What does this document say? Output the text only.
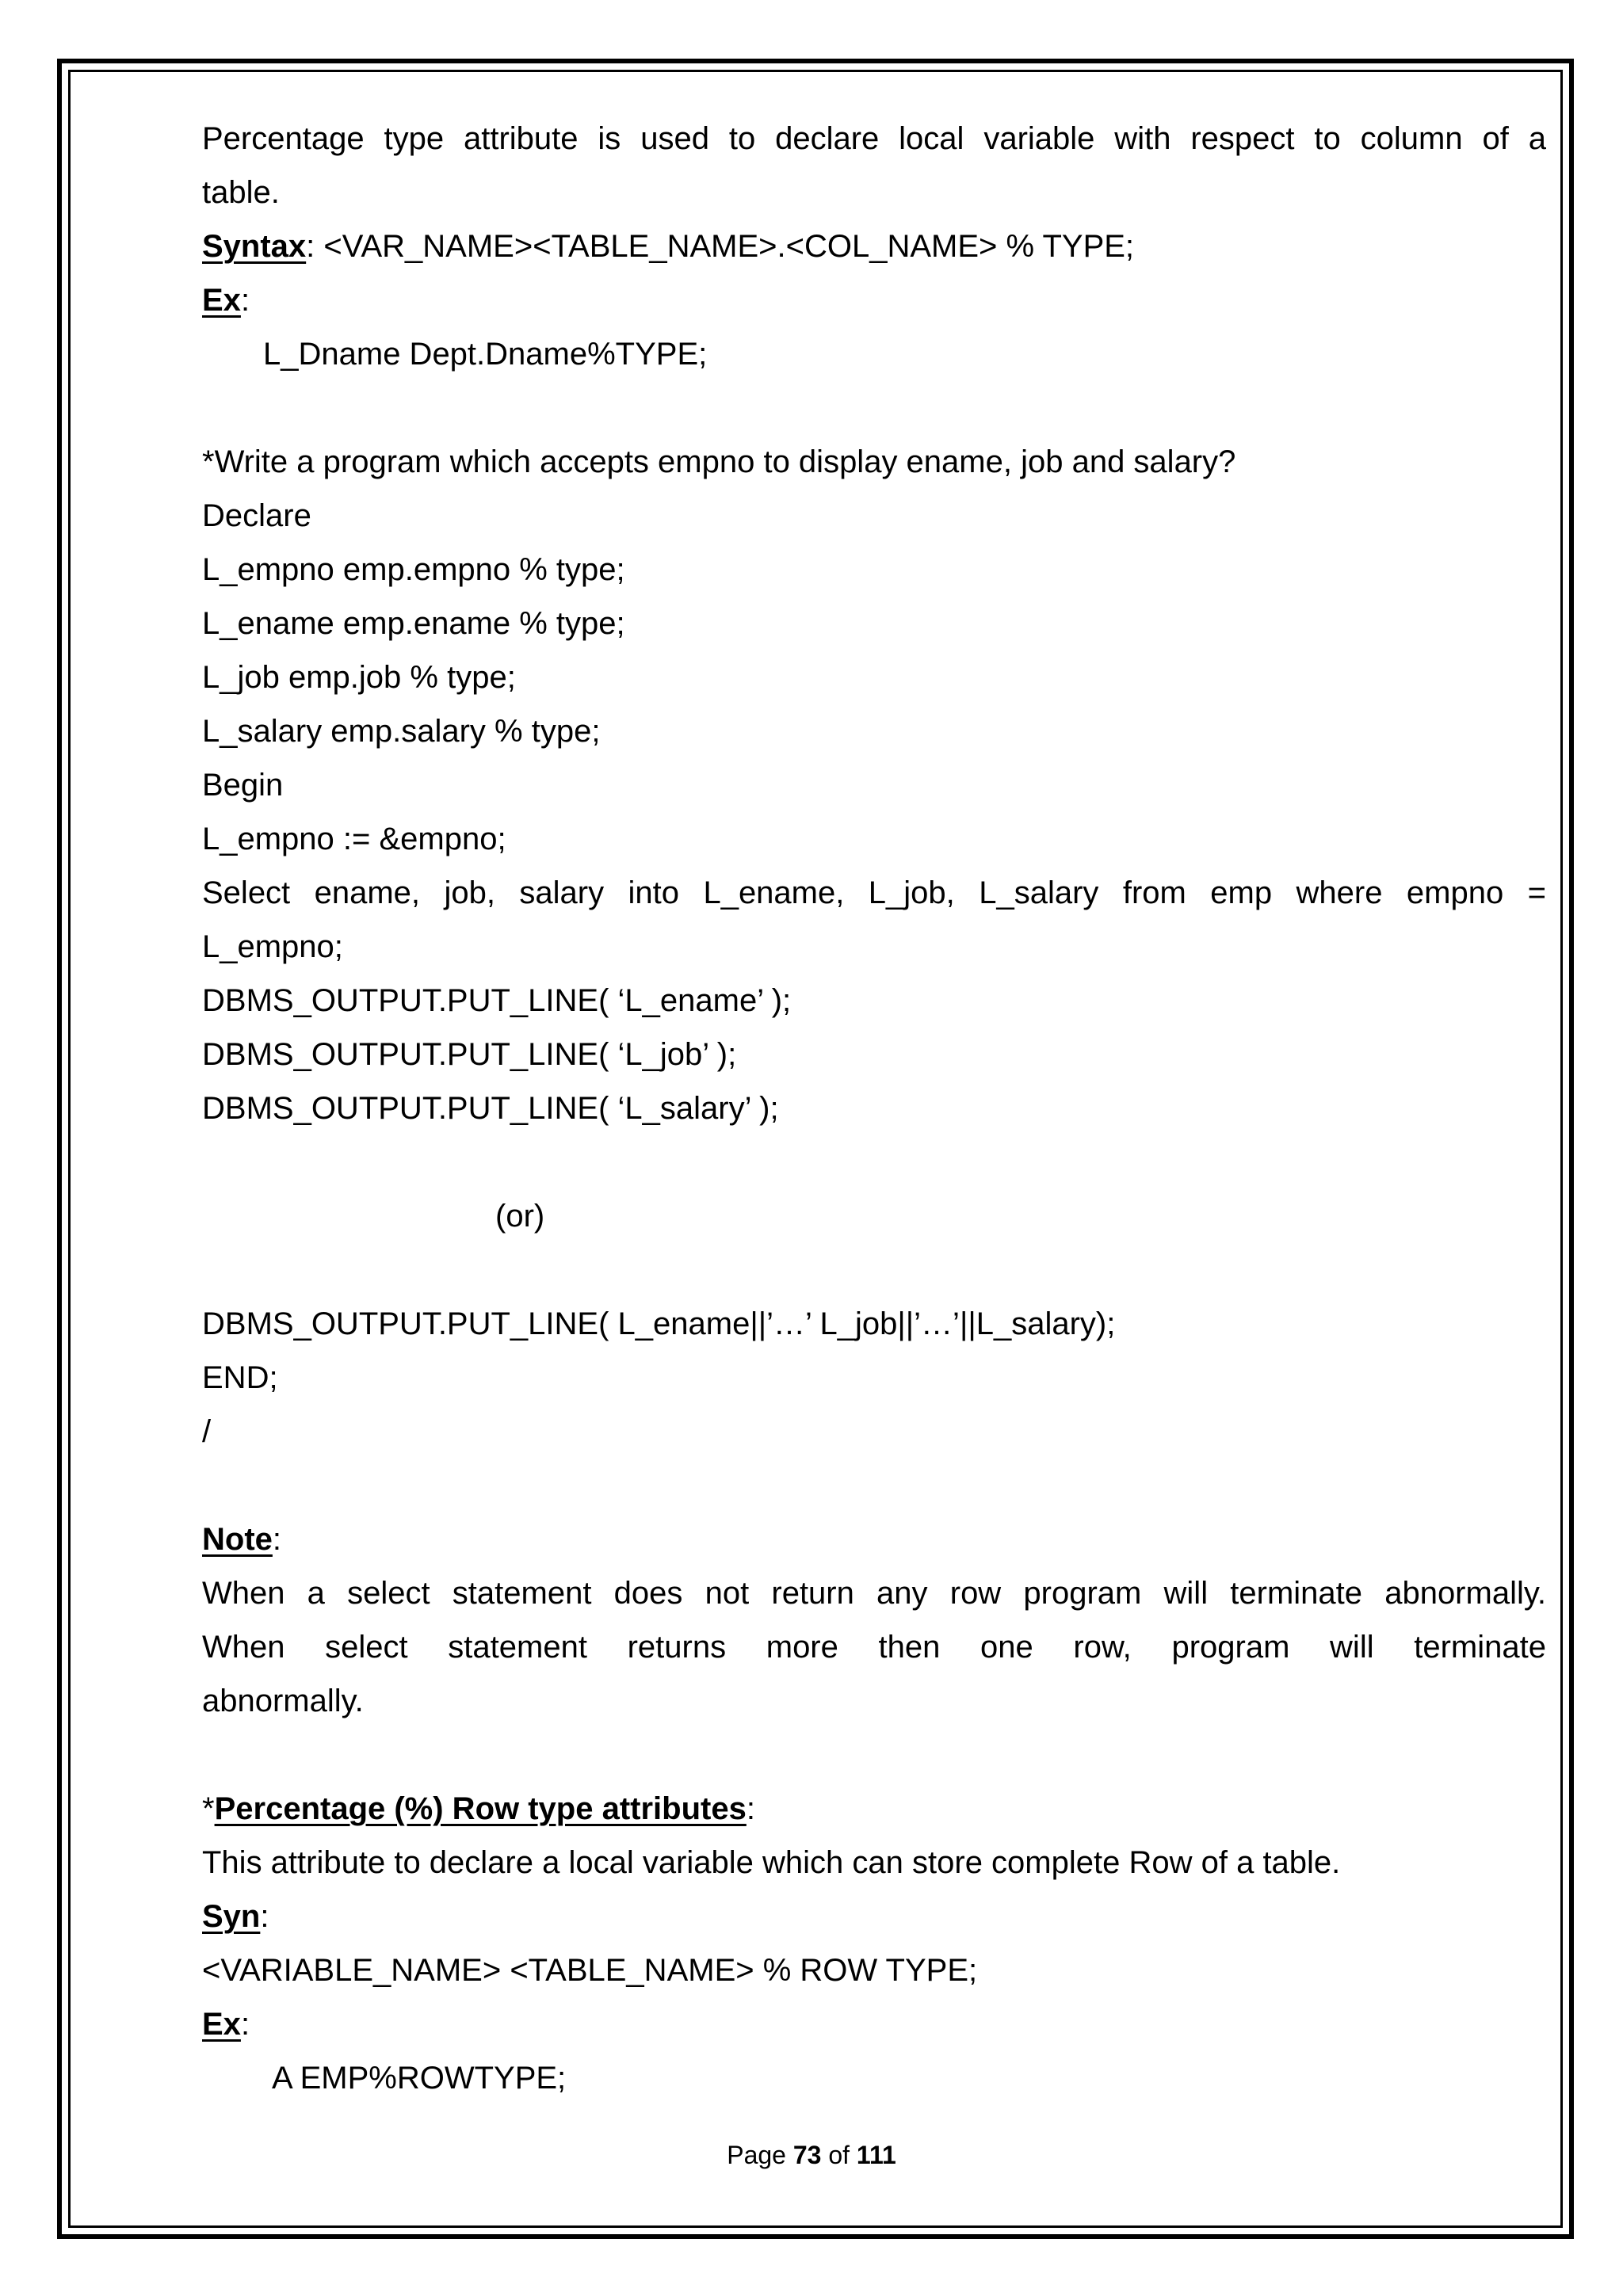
Percentage type attribute is used to declare local variable with respect to column of a
table.
Syntax: <VAR_NAME><TABLE_NAME>.<COL_NAME> % TYPE;
Ex:
L_Dname Dept.Dname%TYPE;
*Write a program which accepts empno to display ename, job and salary?
Declare
L_empno emp.empno % type;
L_ename emp.ename % type;
L_job emp.job % type;
L_salary emp.salary % type;
Begin
L_empno := &empno;
Select ename, job, salary into L_ename, L_job, L_salary from emp where empno =
L_empno;
DBMS_OUTPUT.PUT_LINE( ‘L_ename’ );
DBMS_OUTPUT.PUT_LINE( ‘L_job’ );
DBMS_OUTPUT.PUT_LINE( ‘L_salary’ );
(or)
DBMS_OUTPUT.PUT_LINE( L_ename||’…’ L_job||’…’||L_salary);
END;
/
Note:
When a select statement does not return any row program will terminate abnormally.
When select statement returns more then one row, program will terminate
abnormally.
*Percentage (%) Row type attributes:
This attribute to declare a local variable which can store complete Row of a table.
Syn:
<VARIABLE_NAME> <TABLE_NAME> % ROW TYPE;
Ex:
A EMP%ROWTYPE;
Page 73 of 111
